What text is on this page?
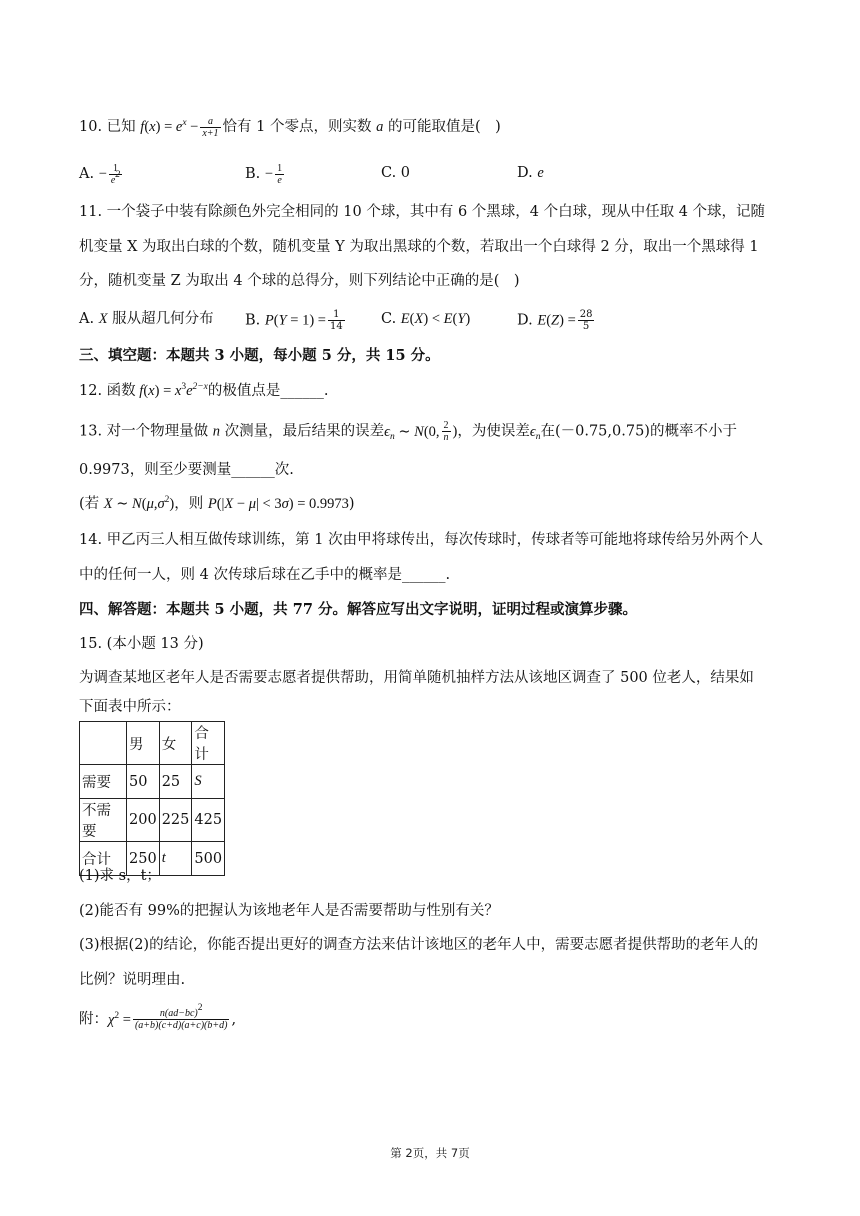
10. 已知 $f(x) = e^x - \frac{a}{x+1}$ 恰有 1 个零点，则实数 a 的可能取值是(　)
A. − $\frac{1}{e^2}$	B. − $\frac{1}{e}$	C. 0	D. e
11. 一个袋子中装有除颜色外完全相同的 10 个球，其中有 6 个黑球，4 个白球，现从中任取 4 个球，记随
机变量 X 为取出白球的个数，随机变量 Y 为取出黑球的个数，若取出一个白球得 2 分，取出一个黑球得 1
分，随机变量 Z 为取出 4 个球的总得分，则下列结论中正确的是(　)
A. X 服从超几何分布 B. $P(Y = 1) = \frac{1}{14}$	C. E(X) < E(Y)	D. $E(Z) = \frac{28}{5}$
三、填空题：本题共 3 小题，每小题 5 分，共 15 分。
12. 函数 $f(x) = x^3e^{2-x}$的极值点是______.
13. 对一个物理量做 n 次测量，最后结果的误差$\epsilon_n$ ∼ N(0, $\frac{2}{n}$ )，为使误差$\epsilon_n$在(－0.75,0.75)的概率不小于
0.9973，则至少要测量______次.
(若 X ∼ $N(\mu,\sigma^2)$，则 P(|X − μ| < 3σ) = 0.9973)
14. 甲乙丙三人相互做传球训练，第 1 次由甲将球传出，每次传球时，传球者等可能地将球传给另外两个人
中的任何一人，则 4 次传球后球在乙手中的概率是______.
四、解答题：本题共 5 小题，共 77 分。解答应写出文字说明，证明过程或演算步骤。
15. (本小题 13 分)
为调查某地区老年人是否需要志愿者提供帮助，用简单随机抽样方法从该地区调查了 500 位老人，结果如
下面表中所示：
	男	女	合计
需要	50	25	S
不需要	200	225	425
合计	250	t	500
(1)求 s，t；
(2)能否有 99%的把握认为该地老年人是否需要帮助与性别有关？
(3)根据(2)的结论，你能否提出更好的调查方法来估计该地区的老年人中，需要志愿者提供帮助的老年人的
比例？说明理由.
附：$\chi^2 = \frac{n(ad-bc)^2}{(a+b)(c+d)(a+c)(b+d)}$ ,
第 2页，共 7页
